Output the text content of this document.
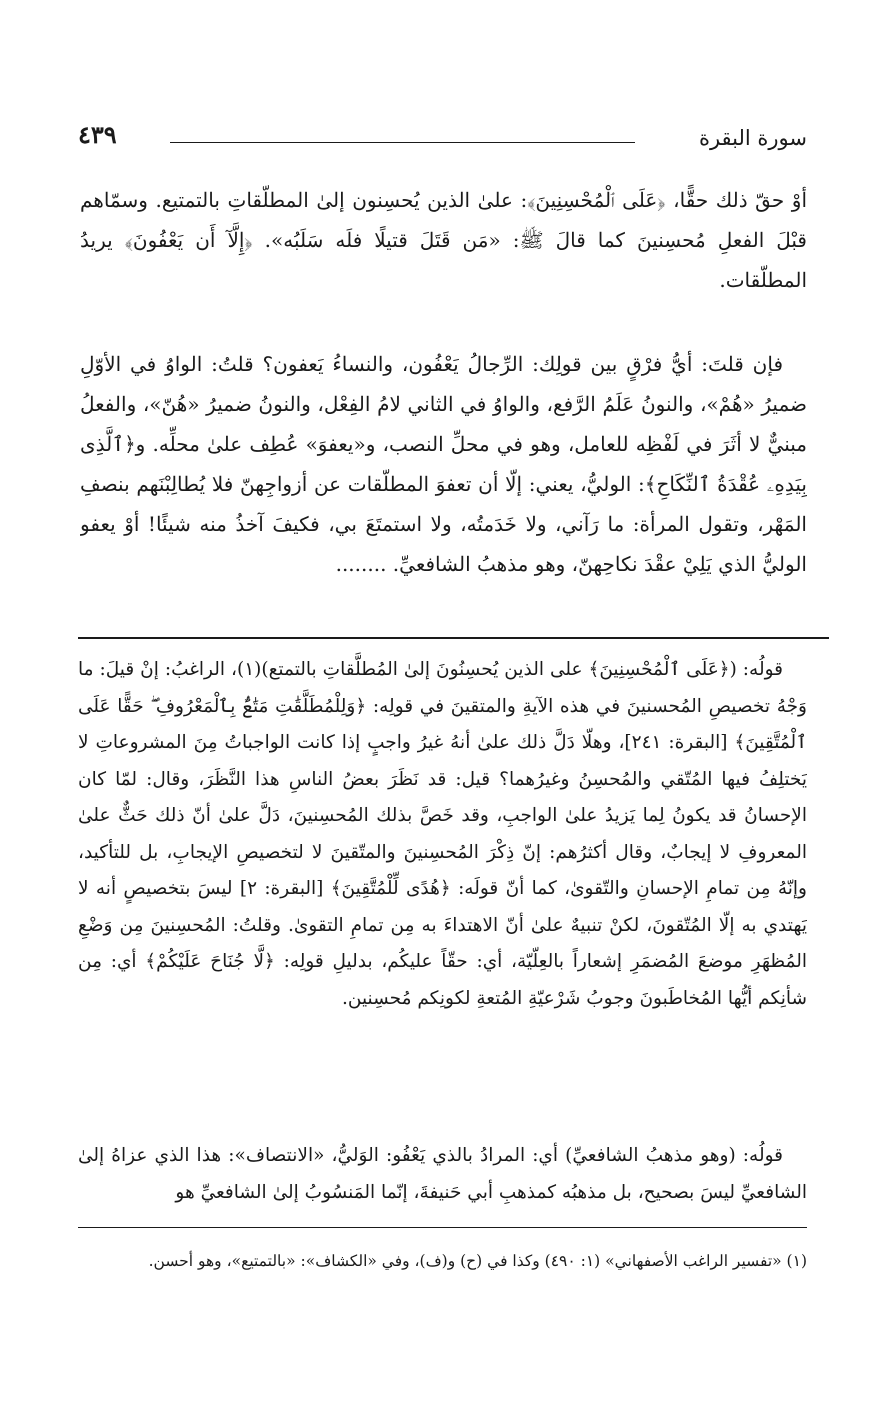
سورة البقرة
٤٣٩

أوْ حقّ ذلك حقًّا، ﴿عَلَى ٱلْمُحْسِنِينَ﴾: علىٰ الذين يُحسِنون إلىٰ المطلّقاتِ بالتمتيع. وسمّاهم قبْلَ الفعلِ مُحسِنينَ كما قالَ ﷺ: «مَن قَتَلَ قتيلًا فلَه سَلَبُه». ﴿إِلَّآ أَن يَعْفُونَ﴾ يريدُ المطلّقات.

فإن قلتَ: أيُّ فرْقٍ بين قولِك: الرِّجالُ يَعْفُون، والنساءُ يَعفون؟ قلتُ: الواوُ في الأوّلِ ضميرُ «هُمْ»، والنونُ عَلَمُ الرَّفع، والواوُ في الثاني لامُ الفِعْل، والنونُ ضميرُ «هُنّ»، والفعلُ مبنيٌّ لا أثَرَ في لَفْظِه للعامل، وهو في محلِّ النصب، و«يعفوَ» عُطِف علىٰ محلِّه. و﴿ٱلَّذِى بِيَدِهِۦ عُقْدَةُ ٱلنِّكَاحِ﴾: الوليُّ، يعني: إلّا أن تعفوَ المطلّقات عن أزواجِهنّ فلا يُطالِبْنَهم بنصفِ المَهْر، وتقول المرأة: ما رَآني، ولا خَدَمتُه، ولا استمتَعَ بي، فكيفَ آخذُ منه شيئًا! أوْ يعفو الوليُّ الذي يَلِيْ عقْدَ نكاحِهنّ، وهو مذهبُ الشافعيِّ. ........

قولُه: (﴿عَلَى ٱلْمُحْسِنِينَ﴾ على الذين يُحسِنُونَ إلىٰ المُطلَّقاتِ بالتمتع)(١)، الراغبُ: إنْ قيلَ: ما وَجْهُ تخصيصِ المُحسنينَ في هذه الآيةِ والمتقينَ في قولِه: ﴿وَلِلْمُطَلَّقَٰتِ مَتَٰعٌۢ بِٱلْمَعْرُوفِ ۖ حَقًّا عَلَى ٱلْمُتَّقِينَ﴾ [البقرة: ٢٤١]، وهلّا دَلَّ ذلك علىٰ أنهُ غيرُ واجبٍ إذا كانت الواجباتُ مِنَ المشروعاتِ لا يَختلِفُ فيها المُتّقي والمُحسِنُ وغيرُهما؟ قيل: قد نَظَرَ بعضُ الناسِ هذا النَّظَرَ، وقال: لمّا كان الإحسانُ قد يكونُ لِما يَزيدُ علىٰ الواجبِ، وقد خَصَّ بذلك المُحسِنينَ، دَلَّ علىٰ أنّ ذلك حَثٌّ علىٰ المعروفِ لا إيجابٌ، وقال أكثرُهم: إنّ ذِكْرَ المُحسِنينَ والمتّقينَ لا لتخصيصِ الإيجابِ، بل للتأكيد، وإنّهُ مِن تمامِ الإحسانِ والتّقوىٰ، كما أنّ قولَه: ﴿هُدًى لِّلْمُتَّقِينَ﴾ [البقرة: ٢] ليسَ بتخصيصٍ أنه لا يَهتدي به إلّا المُتّقونَ، لكنْ تنبيهٌ علىٰ أنّ الاهتداءَ به مِن تمامِ التقوىٰ. وقلتُ: المُحسِنينَ مِن وَضْعِ المُظهَرِ موضعَ المُضمَرِ إشعاراً بالعِلّيّة، أي: حقّاً عليكُم، بدليلِ قولِه: ﴿لَّا جُنَاحَ عَلَيْكُمْ﴾ أي: مِن شأنِكم أيُّها المُخاطَبونَ وجوبُ شَرْعيّةِ المُتعةِ لكونِكم مُحسِنين.

قولُه: (وهو مذهبُ الشافعيِّ) أي: المرادُ بالذي يَعْفُو: الوَليُّ، «الانتصاف»: هذا الذي عزاهُ إلىٰ الشافعيِّ ليسَ بصحيح، بل مذهبُه كمذهبِ أبي حَنيفةَ، إنّما المَنسُوبُ إلىٰ الشافعيِّ هو

(١) «تفسير الراغب الأصفهاني» (١: ٤٩٠) وكذا في (ح) و(ف)، وفي «الكشاف»: «بالتمتيع»، وهو أحسن.
